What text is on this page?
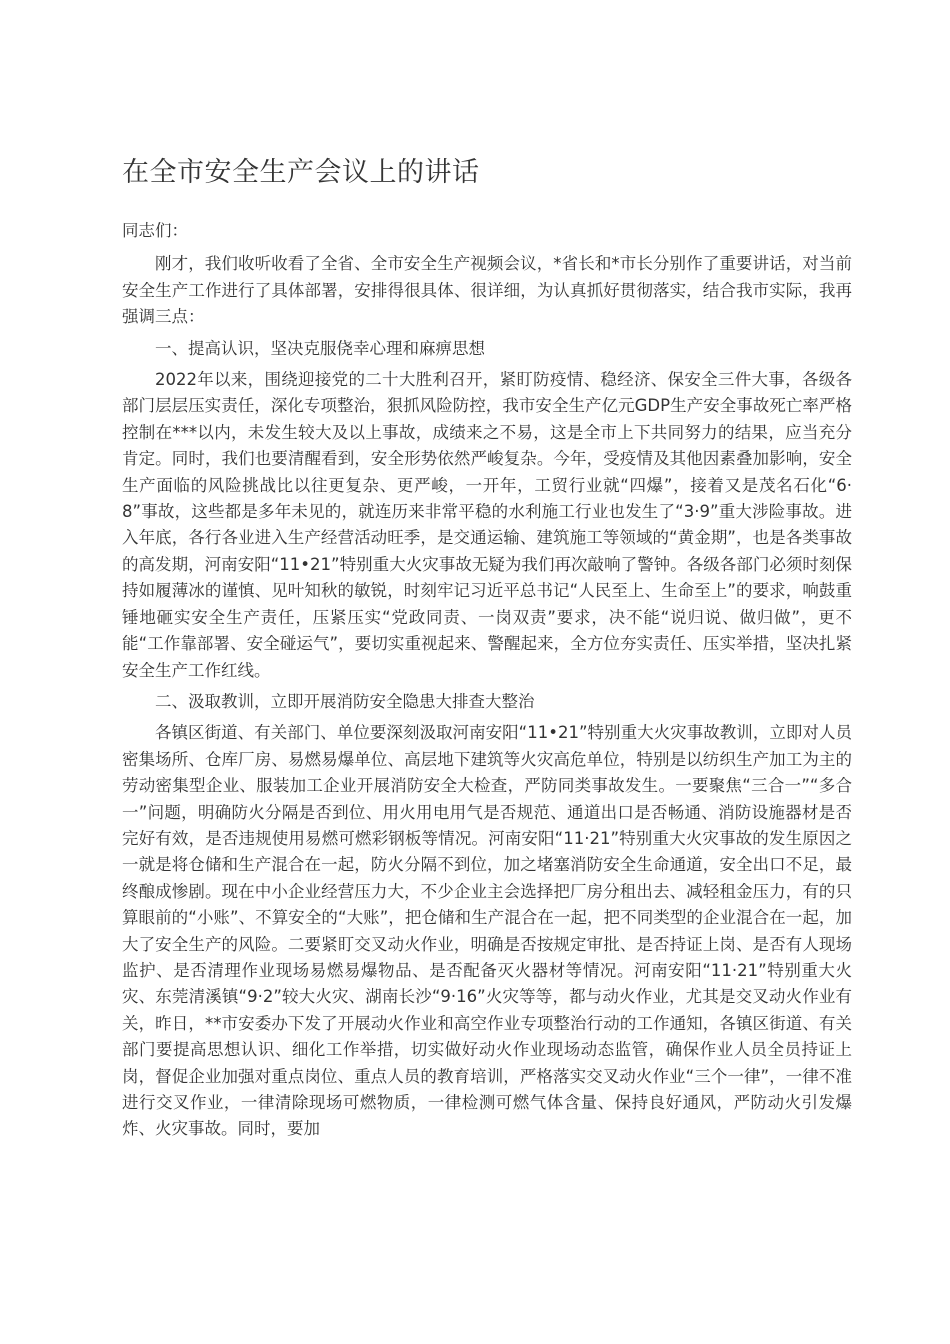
在全市安全生产会议上的讲话
同志们：

刚才，我们收听收看了全省、全市安全生产视频会议，*省长和*市长分别作了重要讲话，对当前安全生产工作进行了具体部署，安排得很具体、很详细，为认真抓好贯彻落实，结合我市实际，我再强调三点：

一、提高认识，坚决克服侥幸心理和麻痹思想

2022年以来，围绕迎接党的二十大胜利召开，紧盯防疫情、稳经济、保安全三件大事，各级各部门层层压实责任，深化专项整治，狠抓风险防控，我市安全生产亿元GDP生产安全事故死亡率严格控制在***以内，未发生较大及以上事故，成绩来之不易，这是全市上下共同努力的结果，应当充分肯定。同时，我们也要清醒看到，安全形势依然严峻复杂。今年，受疫情及其他因素叠加影响，安全生产面临的风险挑战比以往更复杂、更严峻，一开年，工贸行业就“四爆”，接着又是茂名石化“6·8”事故，这些都是多年未见的，就连历来非常平稳的水利施工行业也发生了“3·9”重大涉险事故。进入年底，各行各业进入生产经营活动旺季，是交通运输、建筑施工等领域的“黄金期”，也是各类事故的高发期，河南安阳“11•21”特别重大火灾事故无疑为我们再次敲响了警钟。各级各部门必须时刻保持如履薄冰的谨慎、见叶知秋的敏锐，时刻牢记习近平总书记“人民至上、生命至上”的要求，响鼓重锤地砸实安全生产责任，压紧压实“党政同责、一岗双责”要求，决不能“说归说、做归做”，更不能“工作靠部署、安全碰运气”，要切实重视起来、警醒起来，全方位夯实责任、压实举措，坚决扎紧安全生产工作红线。

二、汲取教训，立即开展消防安全隐患大排查大整治

各镇区街道、有关部门、单位要深刻汲取河南安阳“11•21”特别重大火灾事故教训，立即对人员密集场所、仓库厂房、易燃易爆单位、高层地下建筑等火灾高危单位，特别是以纺织生产加工为主的劳动密集型企业、服装加工企业开展消防安全大检查，严防同类事故发生。一要聚焦“三合一”“多合一”问题，明确防火分隔是否到位、用火用电用气是否规范、通道出口是否畅通、消防设施器材是否完好有效，是否违规使用易燃可燃彩钢板等情况。河南安阳“11·21”特别重大火灾事故的发生原因之一就是将仓储和生产混合在一起，防火分隔不到位，加之堵塞消防安全生命通道，安全出口不足，最终酿成惨剧。现在中小企业经营压力大，不少企业主会选择把厂房分租出去、减轻租金压力，有的只算眼前的“小账”、不算安全的“大账”，把仓储和生产混合在一起，把不同类型的企业混合在一起，加大了安全生产的风险。二要紧盯交叉动火作业，明确是否按规定审批、是否持证上岗、是否有人现场监护、是否清理作业现场易燃易爆物品、是否配备灭火器材等情况。河南安阳“11·21”特别重大火灾、东莞清溪镇“9·2”较大火灾、湖南长沙“9·16”火灾等等，都与动火作业，尤其是交叉动火作业有关，昨日，**市安委办下发了开展动火作业和高空作业专项整治行动的工作通知，各镇区街道、有关部门要提高思想认识、细化工作举措，切实做好动火作业现场动态监管，确保作业人员全员持证上岗，督促企业加强对重点岗位、重点人员的教育培训，严格落实交叉动火作业“三个一律”，一律不准进行交叉作业，一律清除现场可燃物质，一律检测可燃气体含量、保持良好通风，严防动火引发爆炸、火灾事故。同时，要加
